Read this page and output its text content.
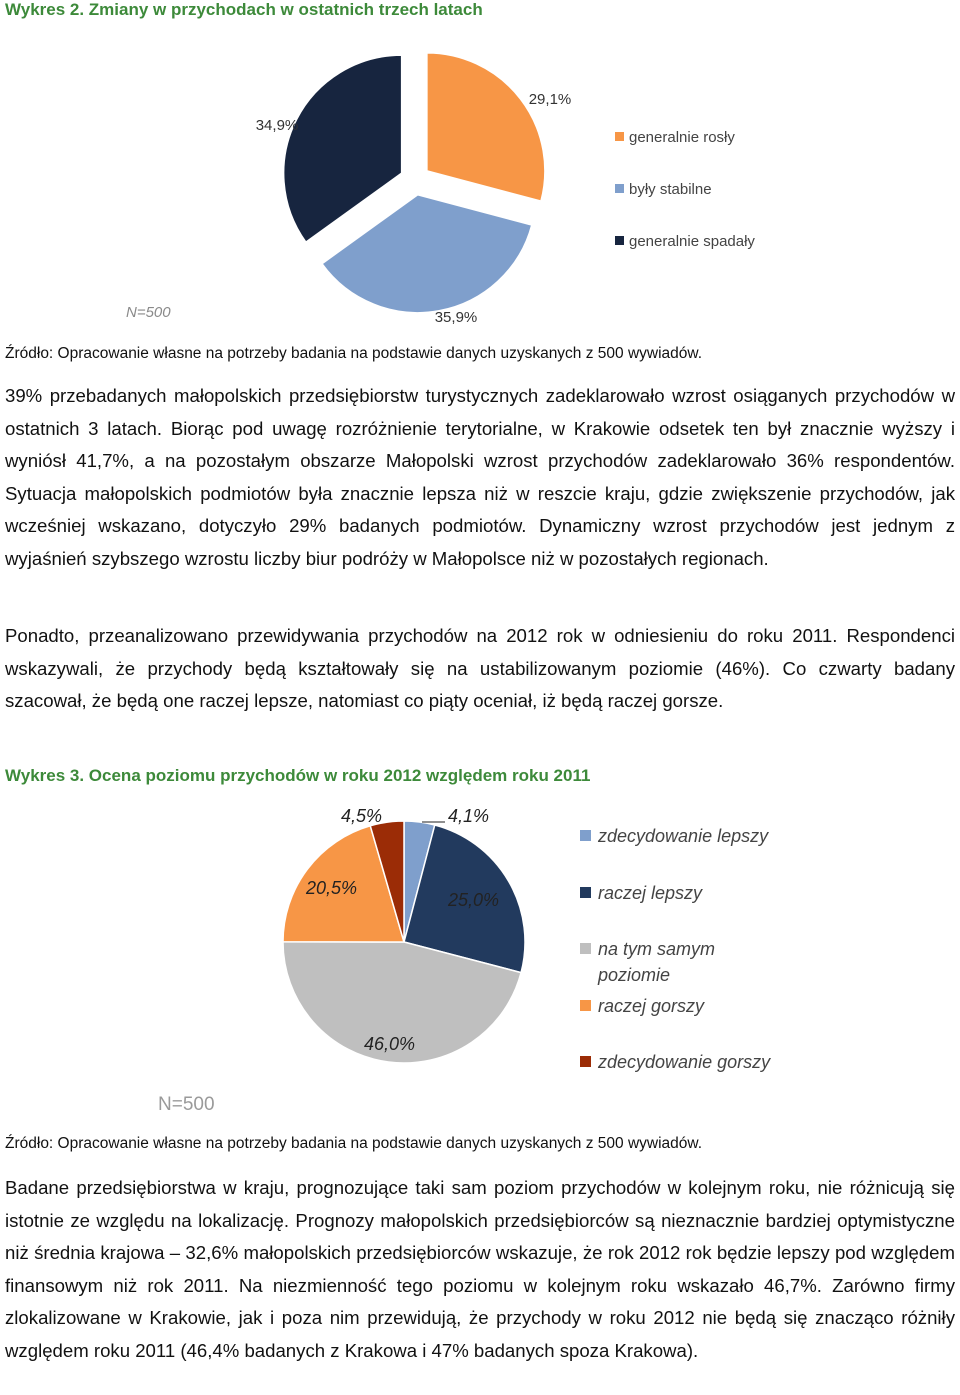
Wykres 2. Zmiany w przychodach w ostatnich trzech latach
29,1%
35,9%
34,9%
generalnie rosły
były stabilne
generalnie spadały
N=500
Źródło: Opracowanie własne na potrzeby badania na podstawie danych uzyskanych z 500 wywiadów.

39% przebadanych małopolskich przedsiębiorstw turystycznych zadeklarowało wzrost osiąganych przychodów w ostatnich 3 latach. Biorąc pod uwagę rozróżnienie terytorialne, w Krakowie odsetek ten był znacznie wyższy i wyniósł 41,7%, a na pozostałym obszarze Małopolski wzrost przychodów zadeklarowało 36% respondentów. Sytuacja małopolskich podmiotów była znacznie lepsza niż w reszcie kraju, gdzie zwiększenie przychodów, jak wcześniej wskazano, dotyczyło 29% badanych podmiotów. Dynamiczny wzrost przychodów jest jednym z wyjaśnień szybszego wzrostu liczby biur podróży w Małopolsce niż w pozostałych regionach.

Ponadto, przeanalizowano przewidywania przychodów na 2012 rok w odniesieniu do roku 2011. Respondenci wskazywali, że przychody będą kształtowały się na ustabilizowanym poziomie (46%). Co czwarty badany szacował, że będą one raczej lepsze, natomiast co piąty oceniał, iż będą raczej gorsze.

Wykres 3. Ocena poziomu przychodów w roku 2012 względem roku 2011
4,1%
25,0%
46,0%
20,5%
4,5%
zdecydowanie lepszy
raczej lepszy
na tym samym
poziomie
raczej gorszy
zdecydowanie gorszy
N=500
Źródło: Opracowanie własne na potrzeby badania na podstawie danych uzyskanych z 500 wywiadów.

Badane przedsiębiorstwa w kraju, prognozujące taki sam poziom przychodów w kolejnym roku, nie różnicują się istotnie ze względu na lokalizację. Prognozy małopolskich przedsiębiorców są nieznacznie bardziej optymistyczne niż średnia krajowa – 32,6% małopolskich przedsiębiorców wskazuje, że rok 2012 rok będzie lepszy pod względem finansowym niż rok 2011. Na niezmienność tego poziomu w kolejnym roku wskazało 46,7%. Zarówno firmy zlokalizowane w Krakowie, jak i poza nim przewidują, że przychody w roku 2012 nie będą się znacząco różniły względem roku 2011 (46,4% badanych z Krakowa i 47% badanych spoza Krakowa).
